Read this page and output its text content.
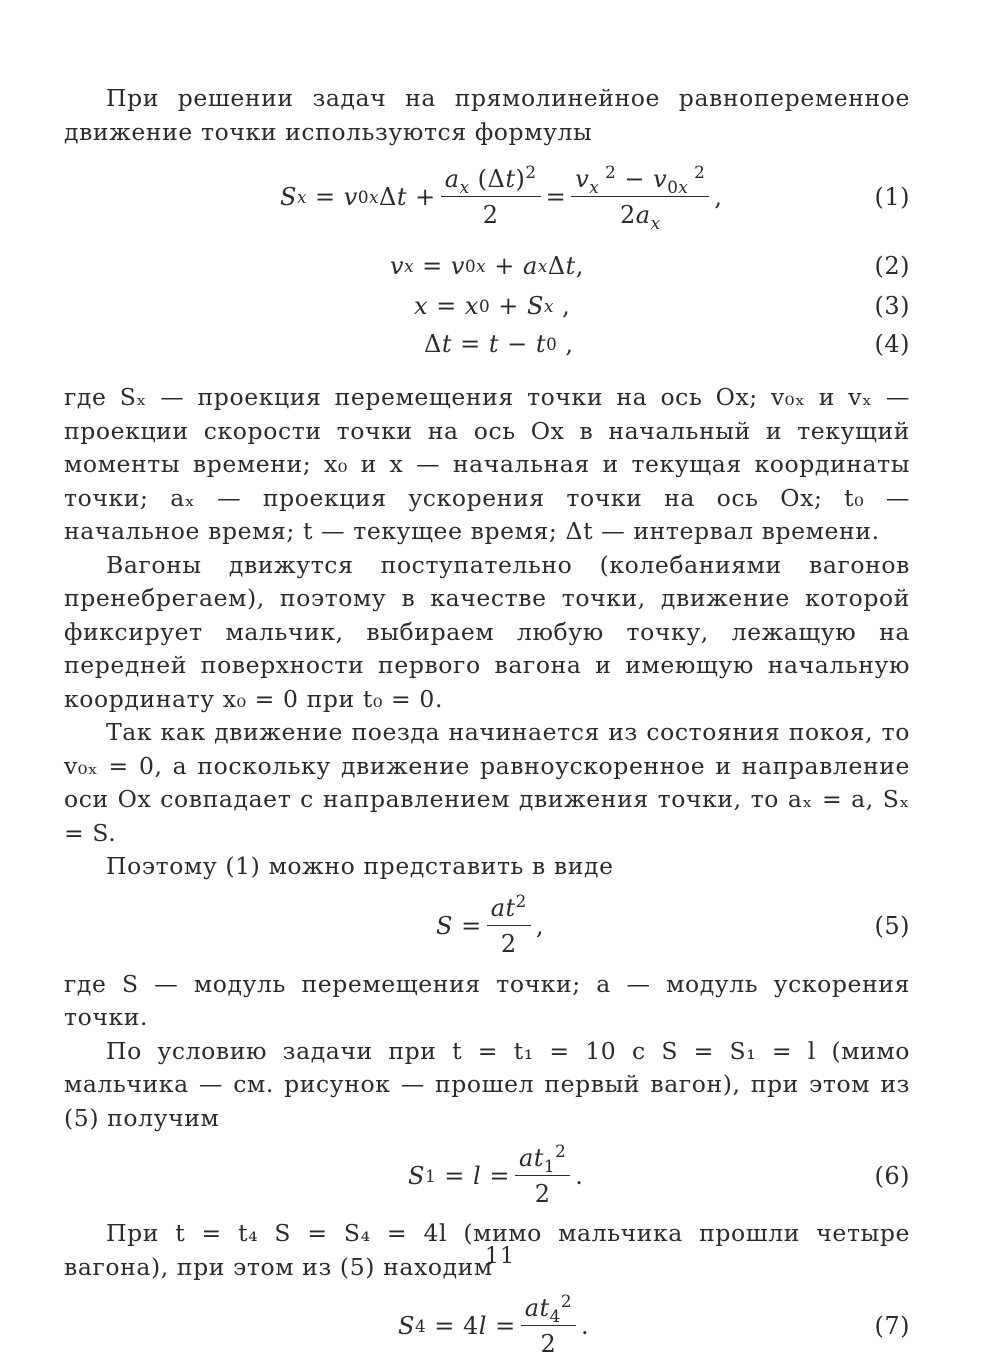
При решении задач на прямолинейное равнопеременное движение точки используются формулы

S x = v 0x Δ $t + \frac{a_x (\Delta t)^2}{2} = \frac{v_x ^2 - v_{0x} ^2}{2a_x}$ ,	(1)
v x = v 0x + a x Δ t ,	(2)
x = x 0 + S x ,	(3)
Δ t = t − t 0 ,	(4)

где Sₓ — проекция перемещения точки на ось Ox; v₀ₓ и vₓ — проекции скорости точки на ось Ox в начальный и текущий моменты времени; x₀ и x — начальная и текущая координаты точки; aₓ — проекция ускорения точки на ось Ox; t₀ — начальное время; t — текущее время; Δt — интервал времени.

Вагоны движутся поступательно (колебаниями вагонов пренебрегаем), поэтому в качестве точки, движение которой фиксирует мальчик, выбираем любую точку, лежащую на передней поверхности первого вагона и имеющую начальную координату x₀ = 0 при t₀ = 0.

Так как движение поезда начинается из состояния покоя, то v₀ₓ = 0, а поскольку движение равноускоренное и направление оси Ox совпадает с направлением движения точки, то aₓ = a, Sₓ = S.

Поэтому (1) можно представить в виде

$S = \frac{at^2}{2}$ ,	(5)

где S — модуль перемещения точки; a — модуль ускорения точки.

По условию задачи при t = t₁ = 10 с S = S₁ = l (мимо мальчика — см. рисунок — прошел первый вагон), при этом из (5) получим

S $1 = l = \frac{at_1^2}{2}$ .	(6)

При t = t₄ S = S₄ = 4l (мимо мальчика прошли четыре вагона), при этом из (5) находим

S 4 = 4 $l = \frac{at_4^2}{2}$ .	(7)
11
